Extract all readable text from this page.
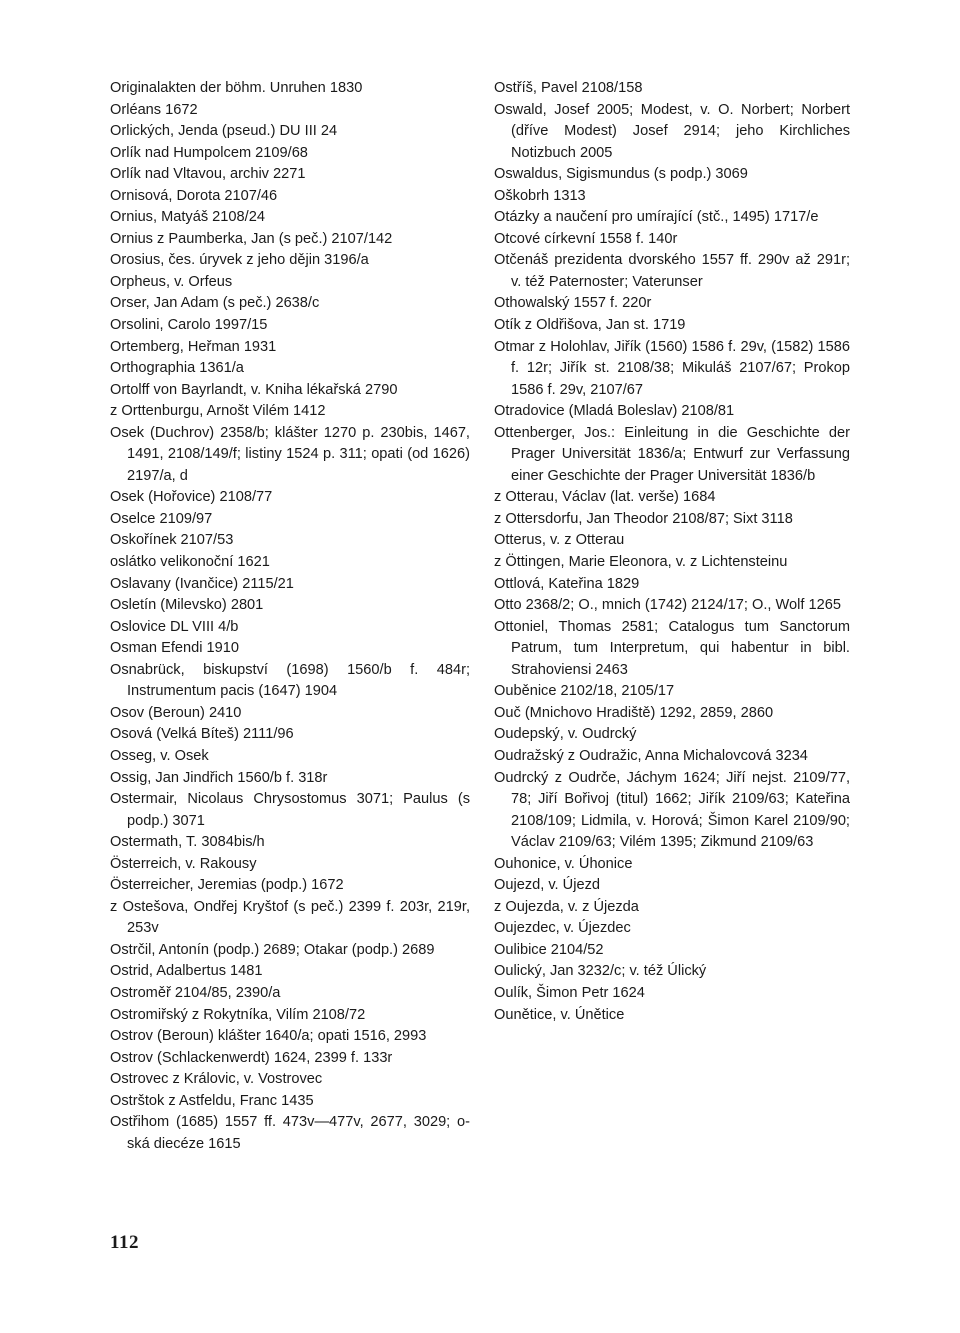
Originalakten der böhm. Unruhen 1830

Orléans 1672

Orlických, Jenda (pseud.) DU III 24

Orlík nad Humpolcem 2109/68

Orlík nad Vltavou, archiv 2271

Ornisová, Dorota 2107/46

Ornius, Matyáš 2108/24

Ornius z Paumberka, Jan (s peč.) 2107/142

Orosius, čes. úryvek z jeho dějin 3196/a

Orpheus, v. Orfeus

Orser, Jan Adam (s peč.) 2638/c

Orsolini, Carolo 1997/15

Ortemberg, Heřman 1931

Orthographia 1361/a

Ortolff von Bayrlandt, v. Kniha lékařská 2790

z Orttenburgu, Arnošt Vilém 1412

Osek (Duchrov) 2358/b; klášter 1270 p. 230bis, 1467, 1491, 2108/149/f; listiny 1524 p. 311; opati (od 1626) 2197/a, d

Osek (Hořovice) 2108/77

Oselce 2109/97

Oskořínek 2107/53

oslátko velikonoční 1621

Oslavany (Ivančice) 2115/21

Osletín (Milevsko) 2801

Oslovice DL VIII 4/b

Osman Efendi 1910

Osnabrück, biskupství (1698) 1560/b f. 484r; Instrumentum pacis (1647) 1904

Osov (Beroun) 2410

Osová (Velká Bíteš) 2111/96

Osseg, v. Osek

Ossig, Jan Jindřich 1560/b f. 318r

Ostermair, Nicolaus Chrysostomus 3071; Paulus (s podp.) 3071

Ostermath, T. 3084bis/h

Österreich, v. Rakousy

Österreicher, Jeremias (podp.) 1672

z Ostešova, Ondřej Kryštof (s peč.) 2399 f. 203r, 219r, 253v

Ostrčil, Antonín (podp.) 2689; Otakar (podp.) 2689

Ostrid, Adalbertus 1481

Ostroměř 2104/85, 2390/a

Ostromiřský z Rokytníka, Vilím 2108/72

Ostrov (Beroun) klášter 1640/a; opati 1516, 2993

Ostrov (Schlackenwerdt) 1624, 2399 f. 133r

Ostrovec z Královic, v. Vostrovec

Ostrštok z Astfeldu, Franc 1435

Ostřihom (1685) 1557 ff. 473v—477v, 2677, 3029; o-ská diecéze 1615

Ostříš, Pavel 2108/158

Oswald, Josef 2005; Modest, v. O. Norbert; Norbert (dříve Modest) Josef 2914; jeho Kirchliches Notizbuch 2005

Oswaldus, Sigismundus (s podp.) 3069

Oškobrh 1313

Otázky a naučení pro umírající (stč., 1495) 1717/e

Otcové církevní 1558 f. 140r

Otčenáš prezidenta dvorského 1557 ff. 290v až 291r; v. též Paternoster; Vaterunser

Othowalský 1557 f. 220r

Otík z Oldřišova, Jan st. 1719

Otmar z Holohlav, Jiřík (1560) 1586 f. 29v, (1582) 1586 f. 12r; Jiřík st. 2108/38; Mikuláš 2107/67; Prokop 1586 f. 29v, 2107/67

Otradovice (Mladá Boleslav) 2108/81

Ottenberger, Jos.: Einleitung in die Geschichte der Prager Universität 1836/a; Entwurf zur Verfassung einer Geschichte der Prager Universität 1836/b

z Otterau, Václav (lat. verše) 1684

z Ottersdorfu, Jan Theodor 2108/87; Sixt 3118

Otterus, v. z Otterau

z Öttingen, Marie Eleonora, v. z Lichtensteinu

Ottlová, Kateřina 1829

Otto 2368/2; O., mnich (1742) 2124/17; O., Wolf 1265

Ottoniel, Thomas 2581; Catalogus tum Sanctorum Patrum, tum Interpretum, qui habentur in bibl. Strahoviensi 2463

Ouběnice 2102/18, 2105/17

Ouč (Mnichovo Hradiště) 1292, 2859, 2860

Oudерský, v. Oudrcký

Oudražský z Oudražic, Anna Michalovcová 3234

Oudrcký z Oudrče, Jáchym 1624; Jiří nejst. 2109/77, 78; Jiří Bořivoj (titul) 1662; Jiřík 2109/63; Kateřina 2108/109; Lidmila, v. Horová; Šimon Karel 2109/90; Václav 2109/63; Vilém 1395; Zikmund 2109/63

Ouhonice, v. Úhonice

Oujezd, v. Újezd

z Oujezda, v. z Újezda

Oujezdec, v. Újezdec

Oulibice 2104/52

Oulický, Jan 3232/c; v. též Úlický

Oulík, Šimon Petr 1624

Ounětice, v. Úněticе

112
